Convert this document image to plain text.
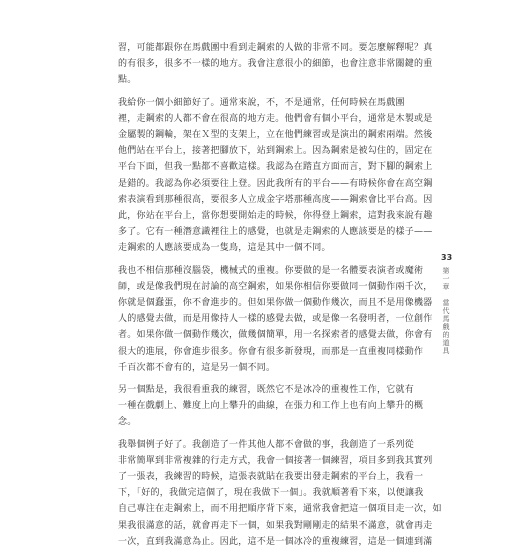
習，可能都跟你在馬戲團中看到走鋼索的人做的非常不同。要怎麼解釋呢？真
的有很多，很多不一樣的地方。我會注意很小的細節，也會注意非常關鍵的重
點。
我給你一個小細節好了。通常來說，不，不是通常，任何時候在馬戲團
裡，走鋼索的人都不會在很高的地方走。他們會有個小平台，通常是木製或是
金屬製的鋼輪，架在Ｘ型的支架上，立在他們練習或是演出的鋼索兩端。然後
他們站在平台上，接著把腳放下，站到鋼索上。因為鋼索是被勾住的，固定在
平台下面，但我一點都不喜歡這樣。我認為在踏直方面而言，對下腳的鋼索上
是錯的。我認為你必須要往上登。因此我所有的平台——有時候你會在高空鋼
索表演看到那種很高，要很多人立成金字塔那種高度——鋼索會比平台高。因
此，你站在平台上，當你想要開始走的時候，你得登上鋼索，這對我來說有趣
多了。它有一種潛意識裡往上的感覺，也就是走鋼索的人應該要是的樣子——
走鋼索的人應該要成為一隻鳥，這是其中一個不同。
我也不相信那種沒腦袋，機械式的重複。你要做的是一名體要表演者或魔術
師，或是像我們現在討論的高空鋼索，如果你相信你要做同一個動作兩千次，
你就是個蠢蛋，你不會進步的。但如果你做一個動作幾次，而且不是用像機器
人的感覺去做，而是用像持人一樣的感覺去做，或是像一名發明者，一位創作
者。如果你做一個動作幾次，做幾個簡單，用一名探索者的感覺去做，你會有
很大的進展，你會進步很多。你會有很多新發現，而那是一直重複同樣動作
千百次都不會有的，這是另一個不同。
另一個點是，我很看重我的練習，既然它不是冰冷的重複性工作，它就有
一種在戲劇上、難度上向上攀升的曲線，在張力和工作上也有向上攀升的概
念。
我舉個例子好了。我創造了一件其他人都不會做的事，我創造了一系列從
非常簡單到非常複雜的行走方式，我會一個接著一個練習，項目多到我其實列
了一張表，我練習的時候，這張表就貼在我要出發走鋼索的平台上，我看一
下，「好的，我做完這個了，現在我做下一個」。我就順著看下來，以便讓我
自己專注在走鋼索上，而不用把順序背下來，通常我會把這一個項目走一次，如
果我很滿意的話，就會再走下一個，如果我對剛剛走的結果不滿意，就會再走
一次，直到我滿意為止。因此，這不是一個冰冷的重複練習，這是一個連到滿
33
第一章　當代馬戲的道具
